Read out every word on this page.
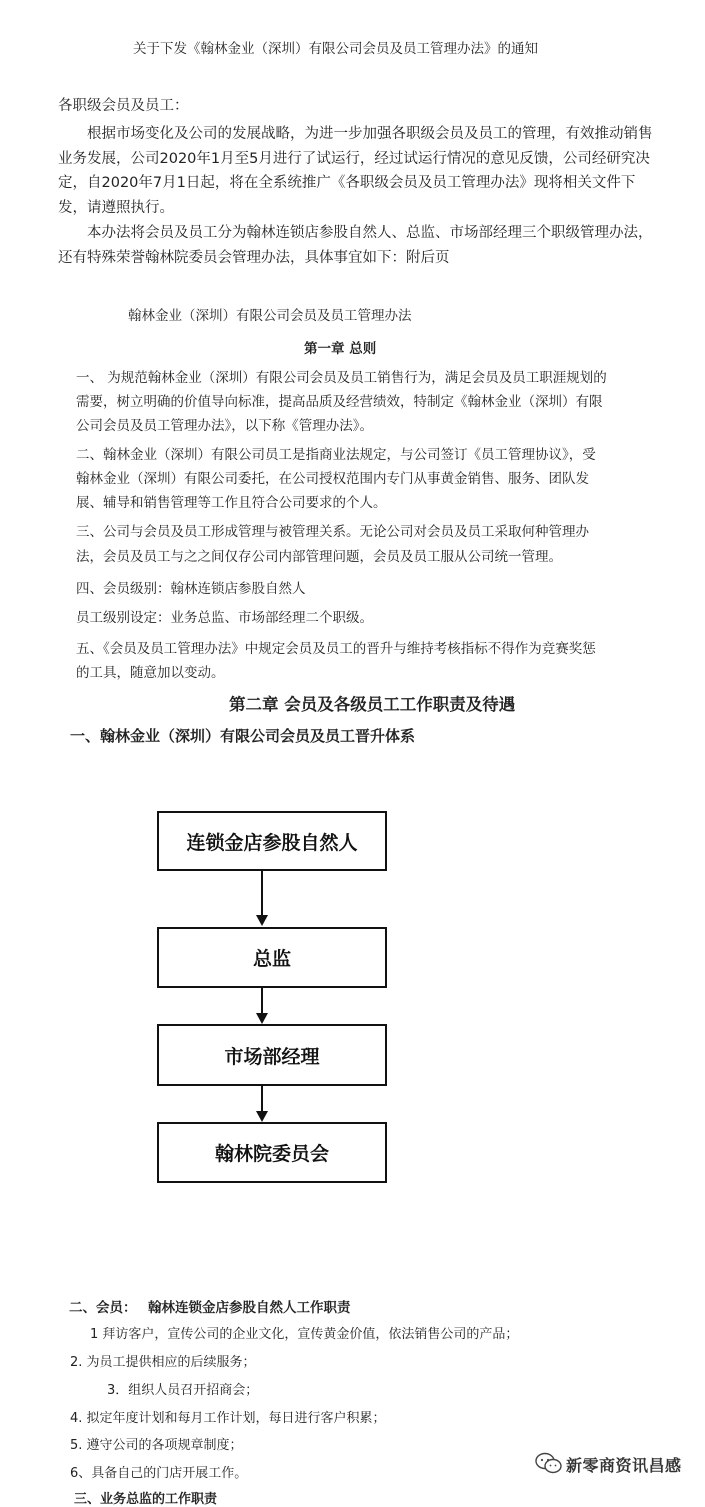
关于下发《翰林金业（深圳）有限公司会员及员工管理办法》的通知
各职级会员及员工：
根据市场变化及公司的发展战略，为进一步加强各职级会员及员工的管理，有效推动销售
业务发展，公司2020年1月至5月进行了试运行，经过试运行情况的意见反馈，公司经研究决
定，自2020年7月1日起，将在全系统推广《各职级会员及员工管理办法》现将相关文件下
发，请遵照执行。
本办法将会员及员工分为翰林连锁店参股自然人、总监、市场部经理三个职级管理办法，
还有特殊荣誉翰林院委员会管理办法，具体事宜如下：附后页
翰林金业（深圳）有限公司会员及员工管理办法
第一章 总则
一、 为规范翰林金业（深圳）有限公司会员及员工销售行为，满足会员及员工职涯规划的
需要，树立明确的价值导向标准，提高品质及经营绩效，特制定《翰林金业（深圳）有限
公司会员及员工管理办法》，以下称《管理办法》。
二、翰林金业（深圳）有限公司员工是指商业法规定，与公司签订《员工管理协议》，受
翰林金业（深圳）有限公司委托，在公司授权范围内专门从事黄金销售、服务、团队发
展、辅导和销售管理等工作且符合公司要求的个人。
三、公司与会员及员工形成管理与被管理关系。无论公司对会员及员工采取何种管理办
法，会员及员工与之之间仅存公司内部管理问题，会员及员工服从公司统一管理。
四、会员级别：翰林连锁店参股自然人
员工级别设定：业务总监、市场部经理二个职级。
五、《会员及员工管理办法》中规定会员及员工的晋升与维持考核指标不得作为竞赛奖惩
的工具，随意加以变动。
第二章 会员及各级员工工作职责及待遇
一、翰林金业（深圳）有限公司会员及员工晋升体系
连锁金店参股自然人
总监
市场部经理
翰林院委员会
二、会员： 翰林连锁金店参股自然人工作职责
1 拜访客户，宣传公司的企业文化，宣传黄金价值，依法销售公司的产品；
2. 为员工提供相应的后续服务；
3．组织人员召开招商会；
4. 拟定年度计划和每月工作计划，每日进行客户积累；
5. 遵守公司的各项规章制度；
6、具备自己的门店开展工作。
三、业务总监的工作职责
新零商资讯昌感
